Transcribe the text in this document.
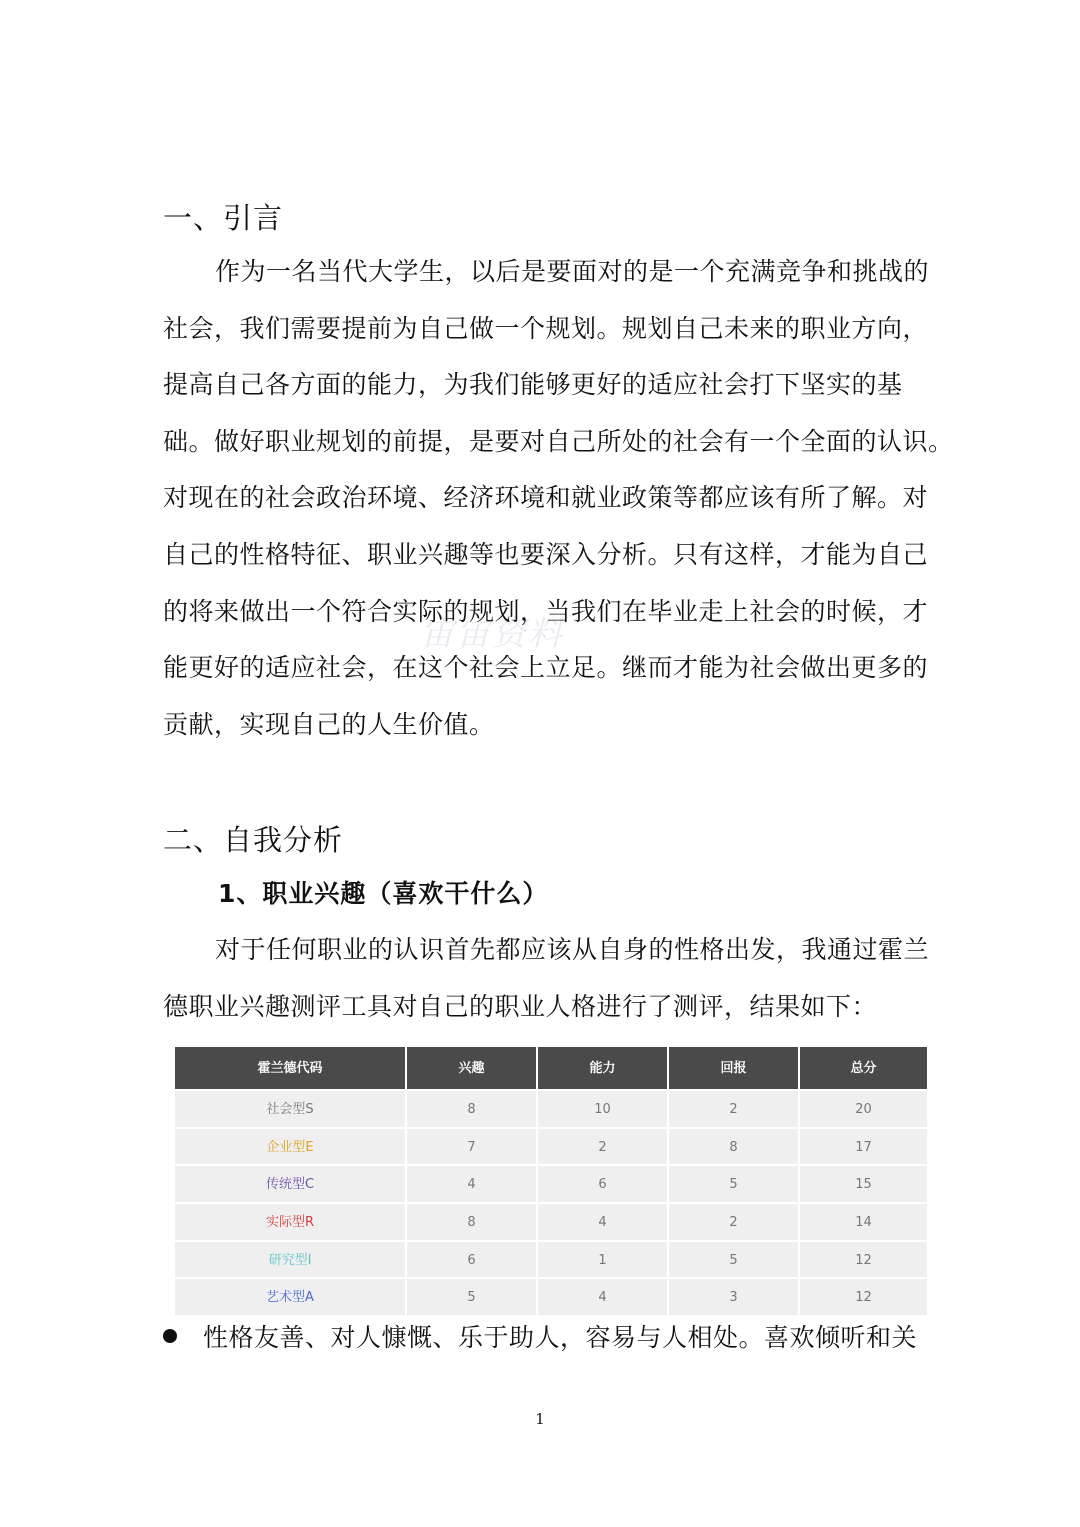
宙宙资料
一、引言
作为一名当代大学生，以后是要面对的是一个充满竞争和挑战的
社会，我们需要提前为自己做一个规划。规划自己未来的职业方向，
提高自己各方面的能力，为我们能够更好的适应社会打下坚实的基
础。做好职业规划的前提，是要对自己所处的社会有一个全面的认识。
对现在的社会政治环境、经济环境和就业政策等都应该有所了解。对
自己的性格特征、职业兴趣等也要深入分析。只有这样，才能为自己
的将来做出一个符合实际的规划，当我们在毕业走上社会的时候，才
能更好的适应社会，在这个社会上立足。继而才能为社会做出更多的
贡献，实现自己的人生价值。
二、自我分析
1、职业兴趣（喜欢干什么）
对于任何职业的认识首先都应该从自身的性格出发，我通过霍兰
德职业兴趣测评工具对自己的职业人格进行了测评，结果如下：
霍兰德代码	兴趣	能力	回报	总分
社会型S	8	10	2	20
企业型E	7	2	8	17
传统型C	4	6	5	15
实际型R	8	4	2	14
研究型I	6	1	5	12
艺术型A	5	4	3	12
性格友善、对人慷慨、乐于助人，容易与人相处。喜欢倾听和关
1
